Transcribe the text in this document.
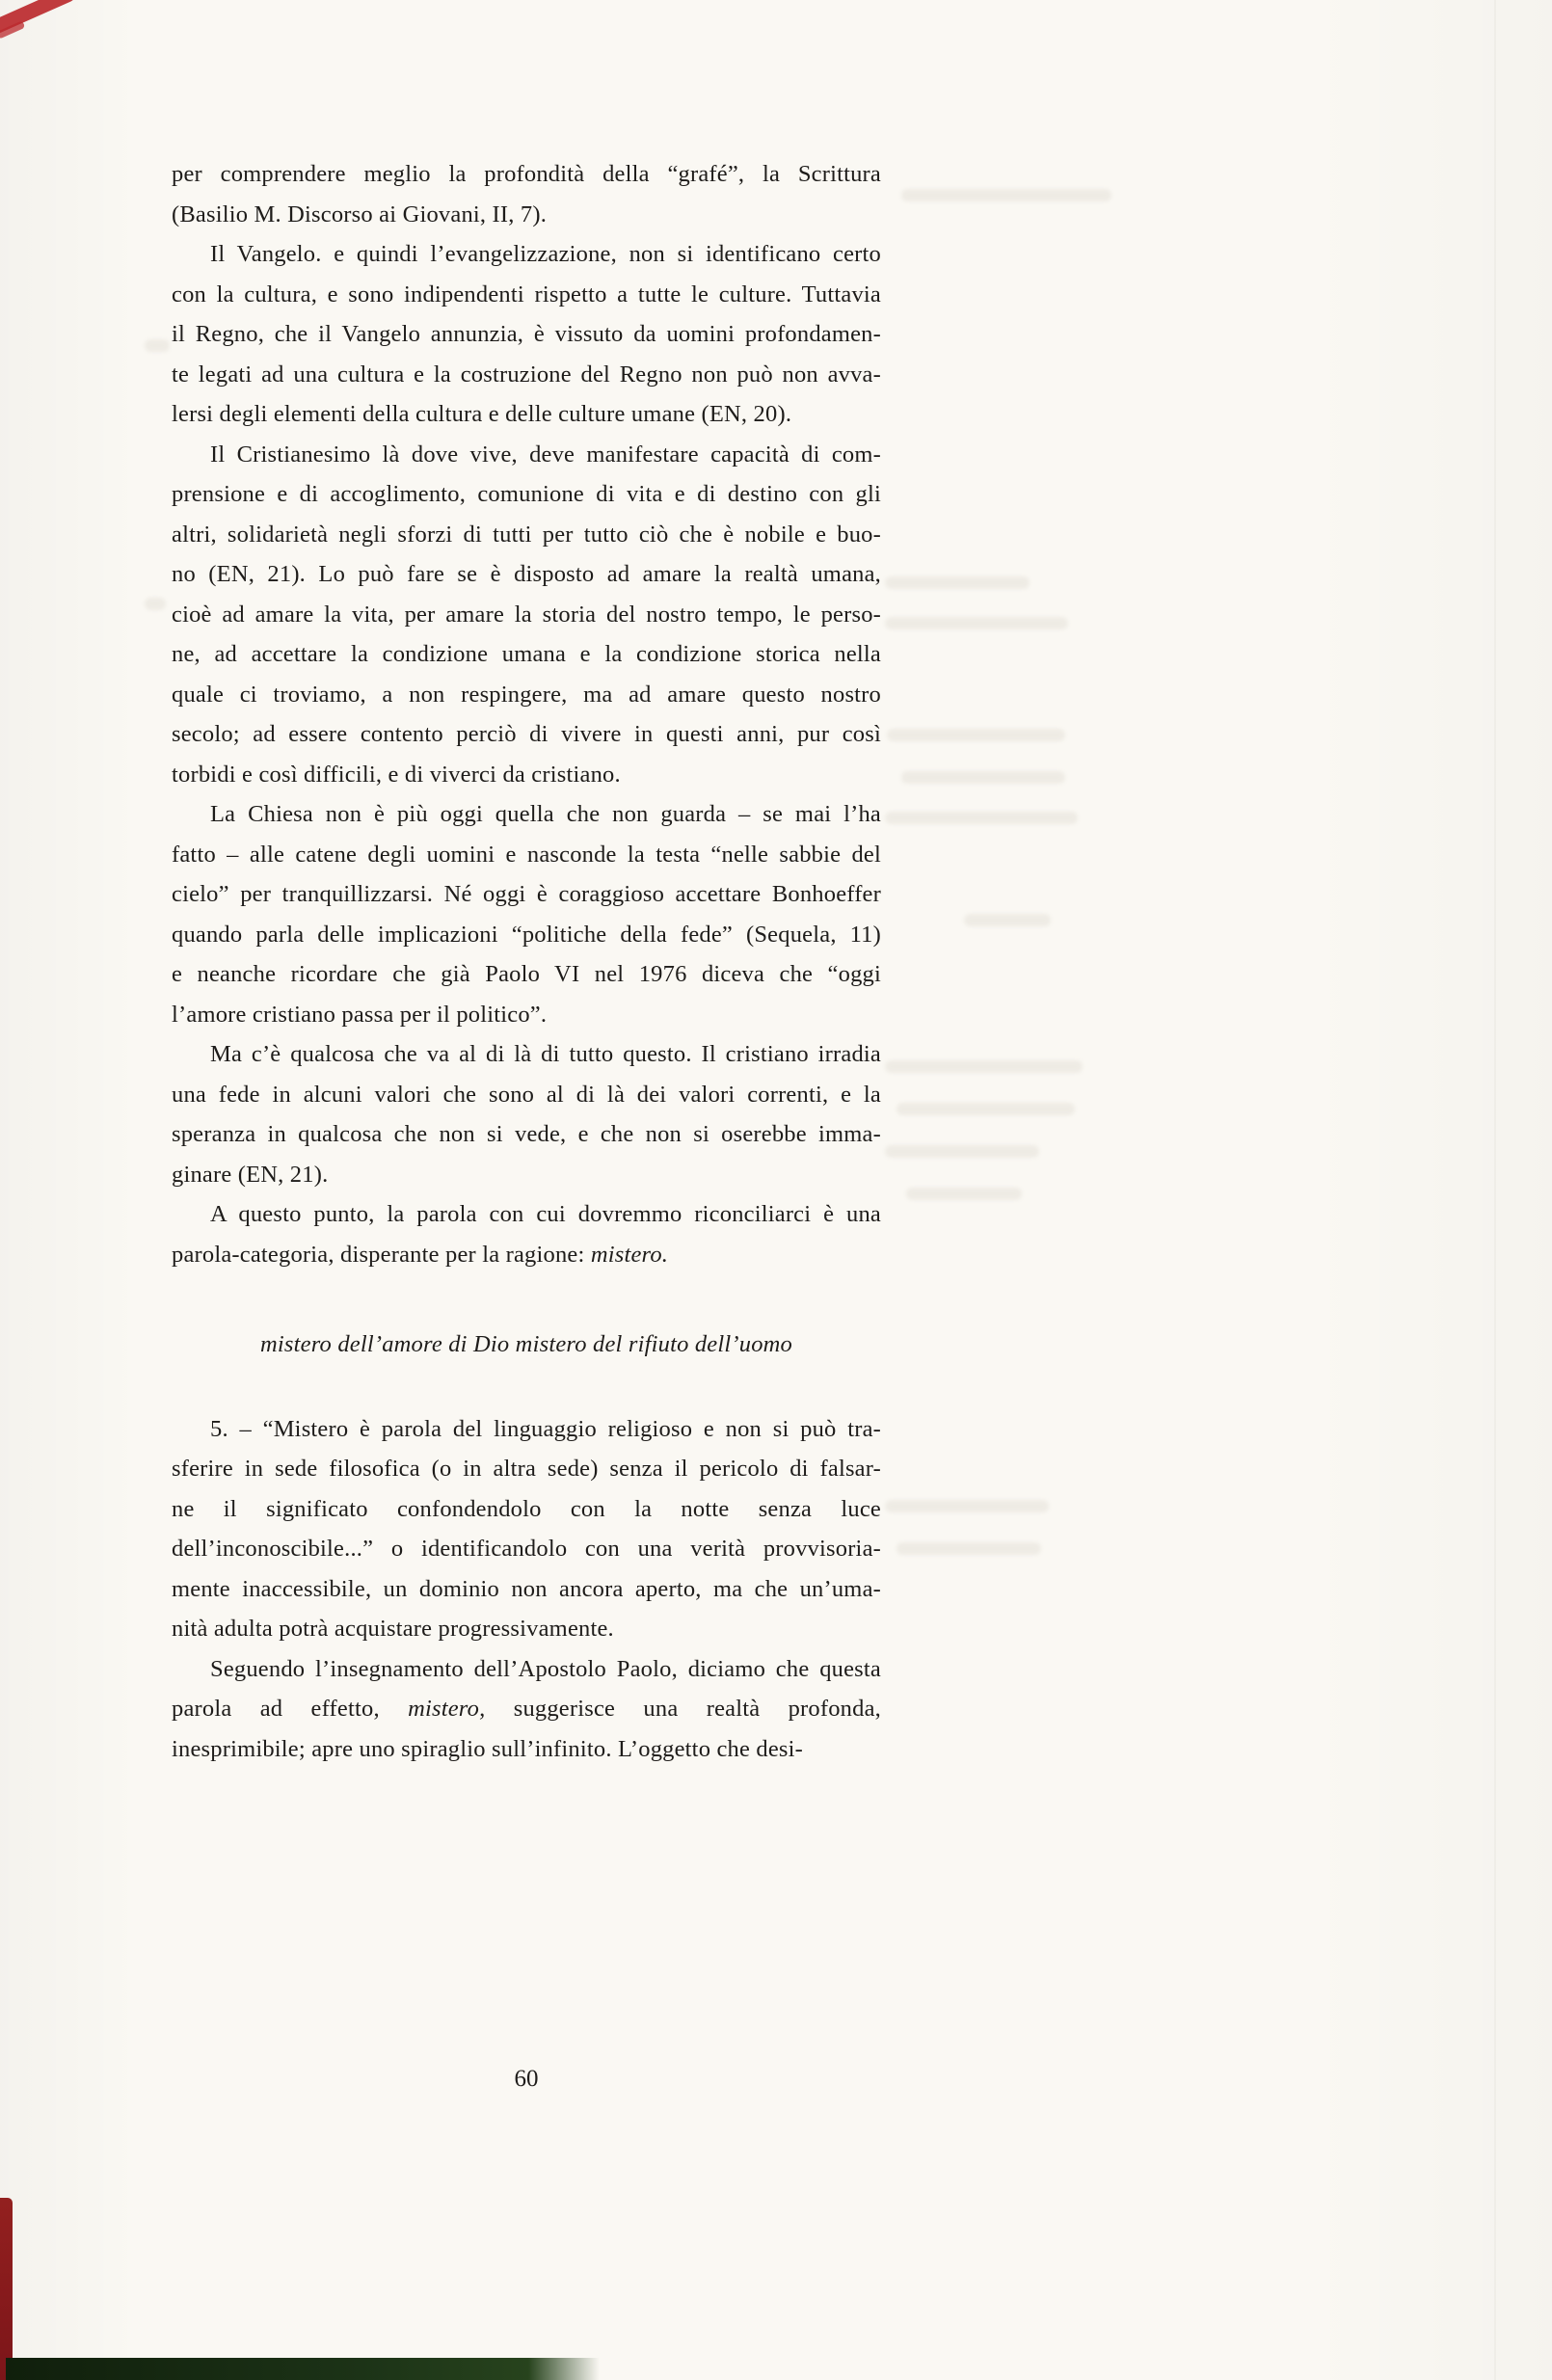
per comprendere meglio la profondità della “grafé”, la Scrittura
(Basilio M. Discorso ai Giovani, II, 7).
Il Vangelo. e quindi l’evangelizzazione, non si identificano certo
con la cultura, e sono indipendenti rispetto a tutte le culture. Tuttavia
il Regno, che il Vangelo annunzia, è vissuto da uomini profondamen-
te legati ad una cultura e la costruzione del Regno non può non avva-
lersi degli elementi della cultura e delle culture umane (EN, 20).
Il Cristianesimo là dove vive, deve manifestare capacità di com-
prensione e di accoglimento, comunione di vita e di destino con gli
altri, solidarietà negli sforzi di tutti per tutto ciò che è nobile e buo-
no (EN, 21). Lo può fare se è disposto ad amare la realtà umana,
cioè ad amare la vita, per amare la storia del nostro tempo, le perso-
ne, ad accettare la condizione umana e la condizione storica nella
quale ci troviamo, a non respingere, ma ad amare questo nostro
secolo; ad essere contento perciò di vivere in questi anni, pur così
torbidi e così difficili, e di viverci da cristiano.
La Chiesa non è più oggi quella che non guarda – se mai l’ha
fatto – alle catene degli uomini e nasconde la testa “nelle sabbie del
cielo” per tranquillizzarsi. Né oggi è coraggioso accettare Bonhoeffer
quando parla delle implicazioni “politiche della fede” (Sequela, 11)
e neanche ricordare che già Paolo VI nel 1976 diceva che “oggi
l’amore cristiano passa per il politico”.
Ma c’è qualcosa che va al di là di tutto questo. Il cristiano irradia
una fede in alcuni valori che sono al di là dei valori correnti, e la
speranza in qualcosa che non si vede, e che non si oserebbe imma-
ginare (EN, 21).
A questo punto, la parola con cui dovremmo riconciliarci è una
parola-categoria, disperante per la ragione: mistero.
mistero dell’amore di Dio mistero del rifiuto dell’uomo
5. – “Mistero è parola del linguaggio religioso e non si può tra-
sferire in sede filosofica (o in altra sede) senza il pericolo di falsar-
ne il significato confondendolo con la notte senza luce
dell’inconoscibile...” o identificandolo con una verità provvisoria-
mente inaccessibile, un dominio non ancora aperto, ma che un’uma-
nità adulta potrà acquistare progressivamente.
Seguendo l’insegnamento dell’Apostolo Paolo, diciamo che questa
parola ad effetto, mistero, suggerisce una realtà profonda,
inesprimibile; apre uno spiraglio sull’infinito. L’oggetto che desi-
60
